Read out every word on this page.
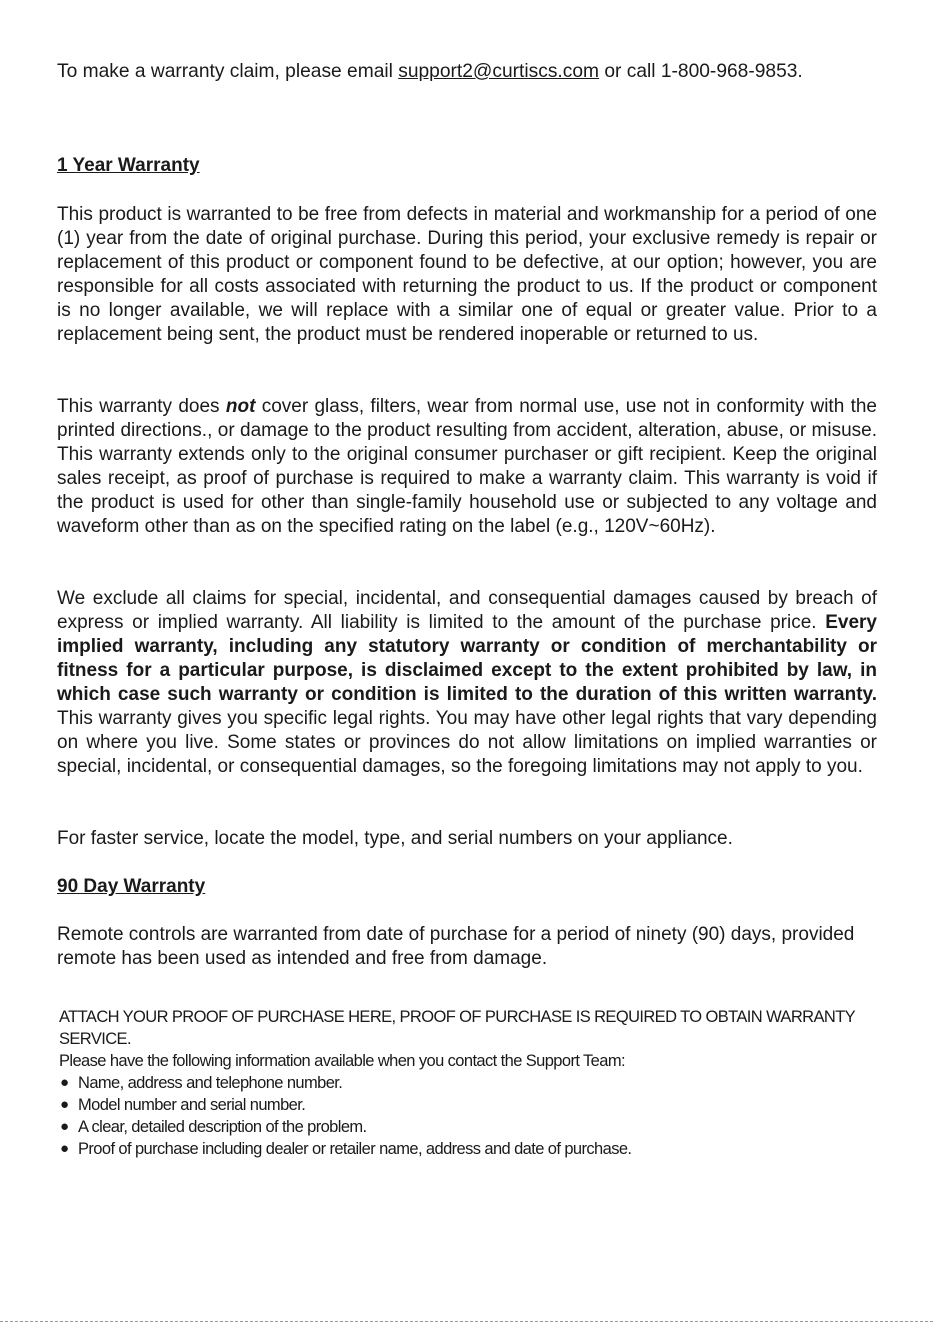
To make a warranty claim, please email support2@curtiscs.com or call 1-800-968-9853.

1 Year Warranty

This product is warranted to be free from defects in material and workmanship for a period of one (1) year from the date of original purchase. During this period, your exclusive remedy is repair or replacement of this product or component found to be defective, at our option; however, you are responsible for all costs associated with returning the product to us. If the product or component is no longer available, we will replace with a similar one of equal or greater value. Prior to a replacement being sent, the product must be rendered inoperable or returned to us.

This warranty does not cover glass, filters, wear from normal use, use not in conformity with the printed directions., or damage to the product resulting from accident, alteration, abuse, or misuse. This warranty extends only to the original consumer purchaser or gift recipient. Keep the original sales receipt, as proof of purchase is required to make a warranty claim. This warranty is void if the product is used for other than single-family household use or subjected to any voltage and waveform other than as on the specified rating on the label (e.g., 120V~60Hz).

We exclude all claims for special, incidental, and consequential damages caused by breach of express or implied warranty. All liability is limited to the amount of the purchase price. Every implied warranty, including any statutory warranty or condition of merchantability or fitness for a particular purpose, is disclaimed except to the extent prohibited by law, in which case such warranty or condition is limited to the duration of this written warranty. This warranty gives you specific legal rights. You may have other legal rights that vary depending on where you live. Some states or provinces do not allow limitations on implied warranties or special, incidental, or consequential damages, so the foregoing limitations may not apply to you.

For faster service, locate the model, type, and serial numbers on your appliance.

90 Day Warranty

Remote controls are warranted from date of purchase for a period of ninety (90) days, provided remote has been used as intended and free from damage.

ATTACH YOUR PROOF OF PURCHASE HERE, PROOF OF PURCHASE IS REQUIRED TO OBTAIN WARRANTY SERVICE.

Please have the following information available when you contact the Support Team:

● Name, address and telephone number.
● Model number and serial number.
● A clear, detailed description of the problem.
● Proof of purchase including dealer or retailer name, address and date of purchase.
